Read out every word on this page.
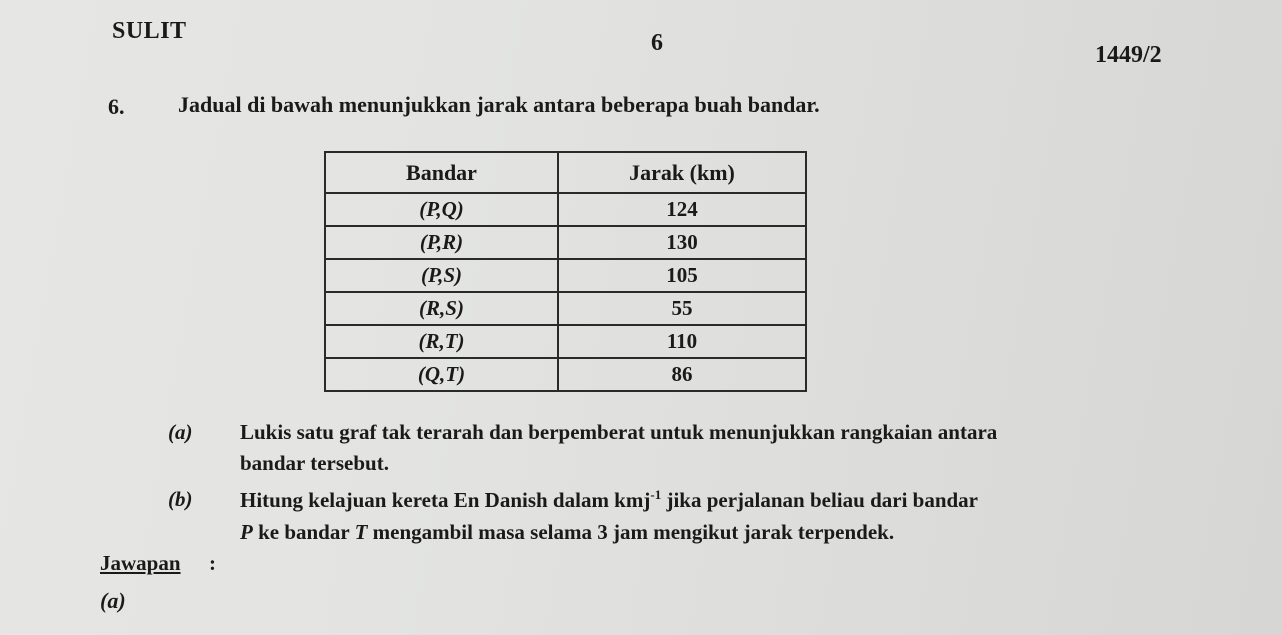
SULIT	6	1449/2
6. Jadual di bawah menunjukkan jarak antara beberapa buah bandar.
Bandar	Jarak (km)
(P,Q)	124
(P,R)	130
(P,S)	105
(R,S)	55
(R,T)	110
(Q,T)	86
(a) Lukis satu graf tak terarah dan berpemberat untuk menunjukkan rangkaian antara
bandar tersebut.
(b) Hitung kelajuan kereta En Danish dalam kmj$^{-1}$ jika perjalanan beliau dari bandar
P ke bandar T mengambil masa selama 3 jam mengikut jarak terpendek.
Jawapan :
(a)
